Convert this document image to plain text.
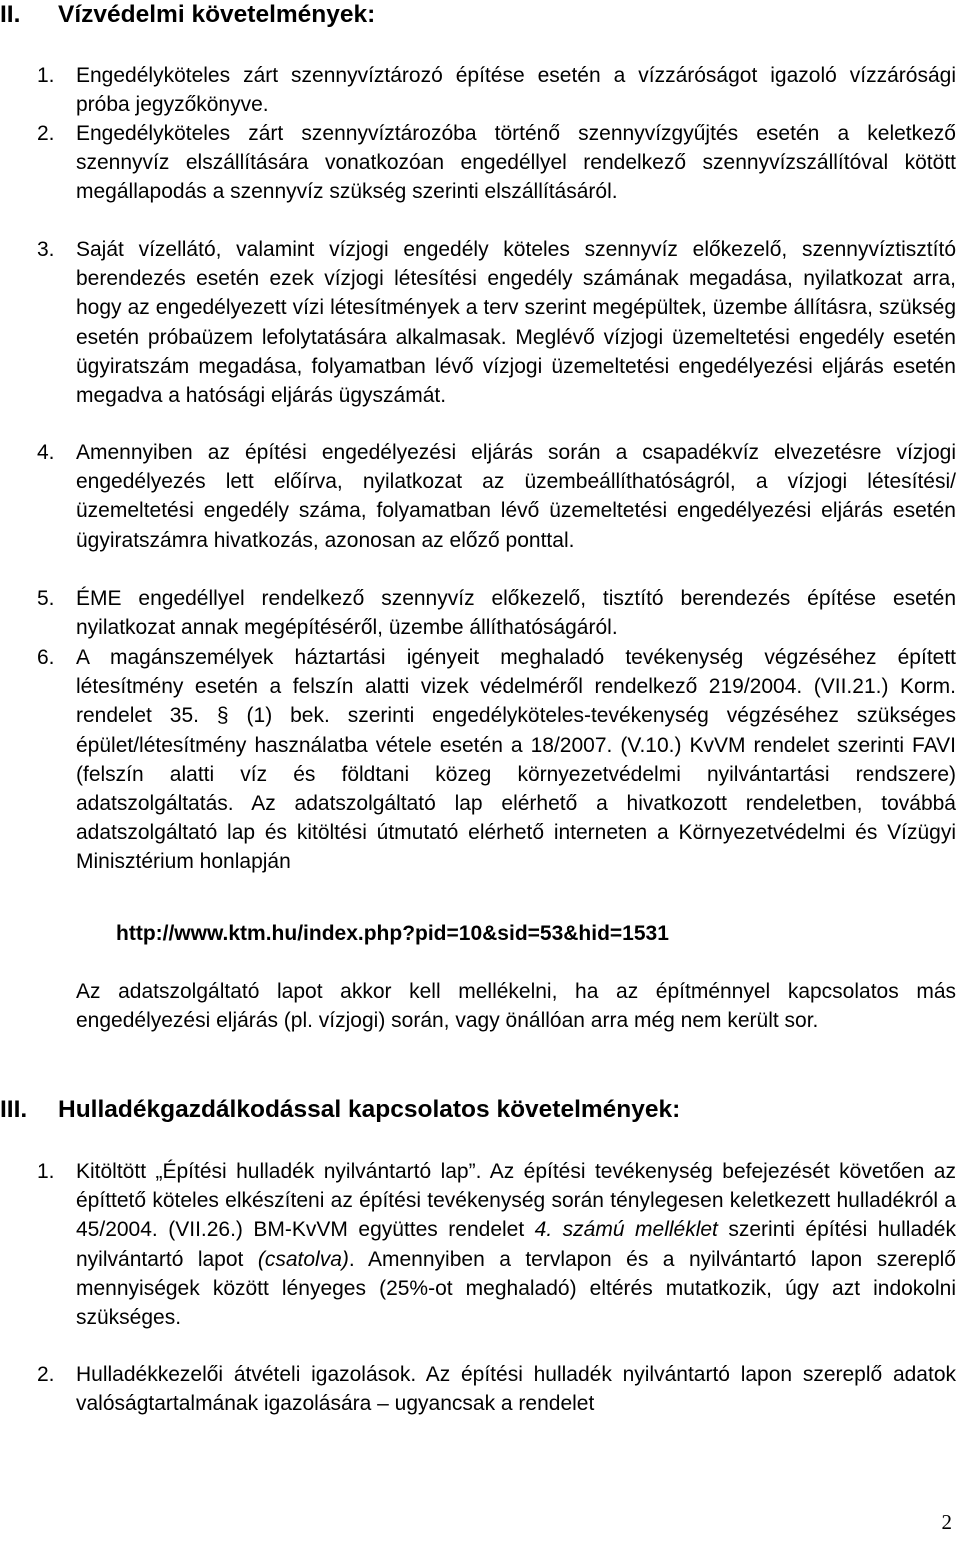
II. Vízvédelmi követelmények:
1. Engedélyköteles zárt szennyvíztározó építése esetén a vízzáróságot igazoló vízzárósági próba jegyzőkönyve.
2. Engedélyköteles zárt szennyvíztározóba történő szennyvízgyűjtés esetén a keletkező szennyvíz elszállítására vonatkozóan engedéllyel rendelkező szennyvízszállítóval kötött megállapodás a szennyvíz szükség szerinti elszállításáról.
3. Saját vízellátó, valamint vízjogi engedély köteles szennyvíz előkezelő, szennyvíztisztító berendezés esetén ezek vízjogi létesítési engedély számának megadása, nyilatkozat arra, hogy az engedélyezett vízi létesítmények a terv szerint megépültek, üzembe állításra, szükség esetén próbaüzem lefolytatására alkalmasak. Meglévő vízjogi üzemeltetési engedély esetén ügyiratszám megadása, folyamatban lévő vízjogi üzemeltetési engedélyezési eljárás esetén megadva a hatósági eljárás ügyszámát.
4. Amennyiben az építési engedélyezési eljárás során a csapadékvíz elvezetésre vízjogi engedélyezés lett előírva, nyilatkozat az üzembeállíthatóságról, a vízjogi létesítési/üzemeltetési engedély száma, folyamatban lévő üzemeltetési engedélyezési eljárás esetén ügyiratszámra hivatkozás, azonosan az előző ponttal.
5. ÉME engedéllyel rendelkező szennyvíz előkezelő, tisztító berendezés építése esetén nyilatkozat annak megépítéséről, üzembe állíthatóságáról.
6. A magánszemélyek háztartási igényeit meghaladó tevékenység végzéséhez épített létesítmény esetén a felszín alatti vizek védelméről rendelkező 219/2004. (VII.21.) Korm. rendelet 35. § (1) bek. szerinti engedélyköteles-tevékenység végzéséhez szükséges épület/létesítmény használatba vétele esetén a 18/2007. (V.10.) KvVM rendelet szerinti FAVI (felszín alatti víz és földtani közeg környezetvédelmi nyilvántartási rendszere) adatszolgáltatás. Az adatszolgáltató lap elérhető a hivatkozott rendeletben, továbbá adatszolgáltató lap és kitöltési útmutató elérhető interneten a Környezetvédelmi és Vízügyi Minisztérium honlapján
http://www.ktm.hu/index.php?pid=10&sid=53&hid=1531
Az adatszolgáltató lapot akkor kell mellékelni, ha az építménnyel kapcsolatos más engedélyezési eljárás (pl. vízjogi) során, vagy önállóan arra még nem került sor.
III. Hulladékgazdálkodással kapcsolatos követelmények:
1. Kitöltött „Építési hulladék nyilvántartó lap”. Az építési tevékenység befejezését követően az építtető köteles elkészíteni az építési tevékenység során ténylegesen keletkezett hulladékról a 45/2004. (VII.26.) BM-KvVM együttes rendelet 4. számú melléklet szerinti építési hulladék nyilvántartó lapot (csatolva). Amennyiben a tervlapon és a nyilvántartó lapon szereplő mennyiségek között lényeges (25%-ot meghaladó) eltérés mutatkozik, úgy azt indokolni szükséges.
2. Hulladékkezelői átvételi igazolások. Az építési hulladék nyilvántartó lapon szereplő adatok valóságtartalmának igazolására – ugyancsak a rendelet
2
